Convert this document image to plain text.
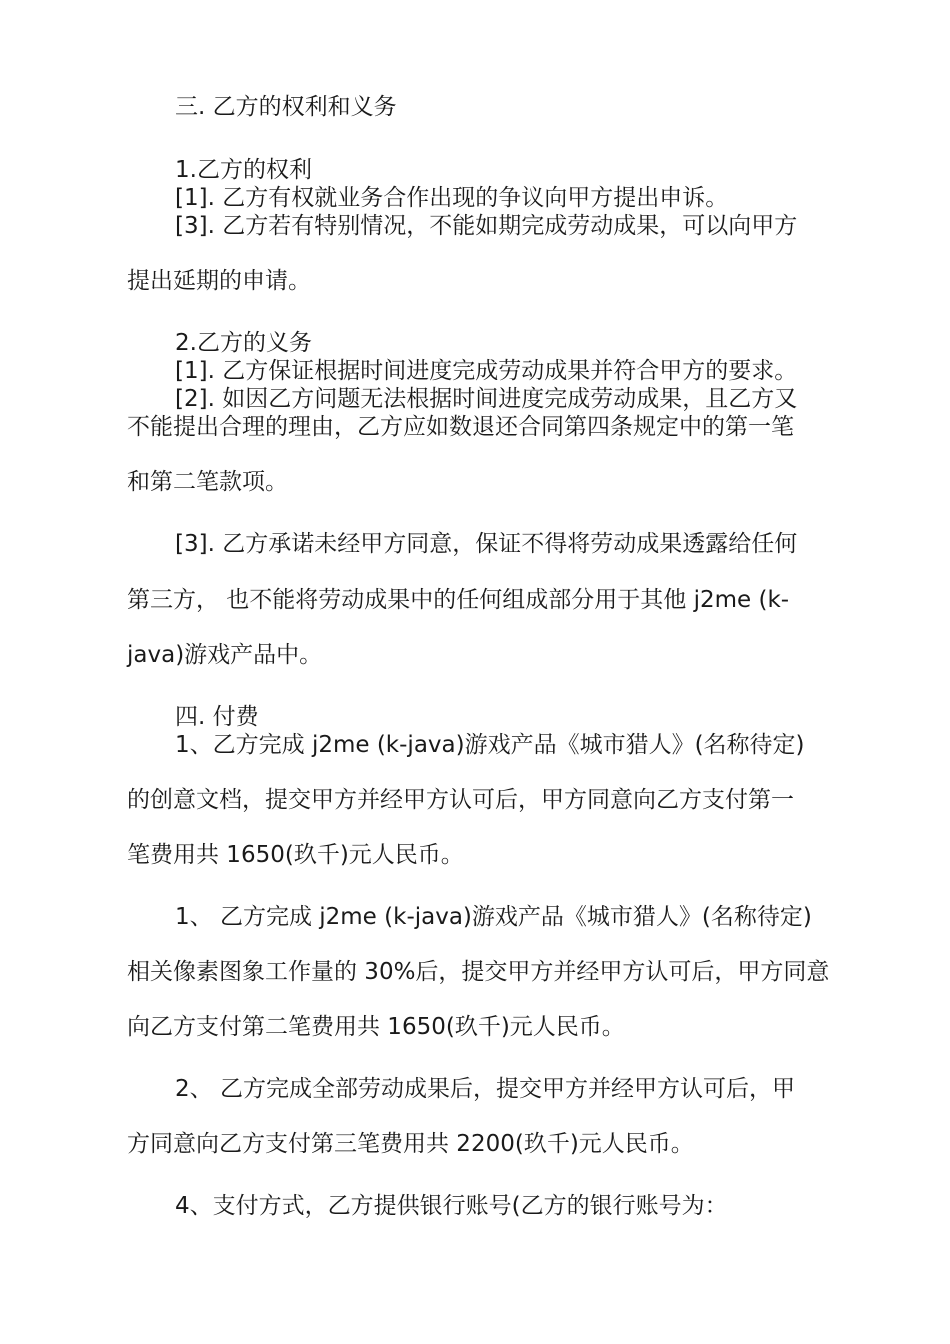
三. 乙方的权利和义务

1.乙方的权利

[1]. 乙方有权就业务合作出现的争议向甲方提出申诉。

[3]. 乙方若有特别情况，不能如期完成劳动成果，可以向甲方

提出延期的申请。

2.乙方的义务

[1]. 乙方保证根据时间进度完成劳动成果并符合甲方的要求。

[2]. 如因乙方问题无法根据时间进度完成劳动成果，且乙方又

不能提出合理的理由，乙方应如数退还合同第四条规定中的第一笔

和第二笔款项。

[3]. 乙方承诺未经甲方同意，保证不得将劳动成果透露给任何

第三方， 也不能将劳动成果中的任何组成部分用于其他 j2me (k-

java)游戏产品中。

四. 付费

1、乙方完成 j2me (k-java)游戏产品《城市猎人》(名称待定)

的创意文档，提交甲方并经甲方认可后，甲方同意向乙方支付第一

笔费用共 1650(玖千)元人民币。

1、 乙方完成 j2me (k-java)游戏产品《城市猎人》(名称待定)

相关像素图象工作量的 30%后，提交甲方并经甲方认可后，甲方同意

向乙方支付第二笔费用共 1650(玖千)元人民币。

2、 乙方完成全部劳动成果后，提交甲方并经甲方认可后，甲

方同意向乙方支付第三笔费用共 2200(玖千)元人民币。

4、支付方式，乙方提供银行账号(乙方的银行账号为：
